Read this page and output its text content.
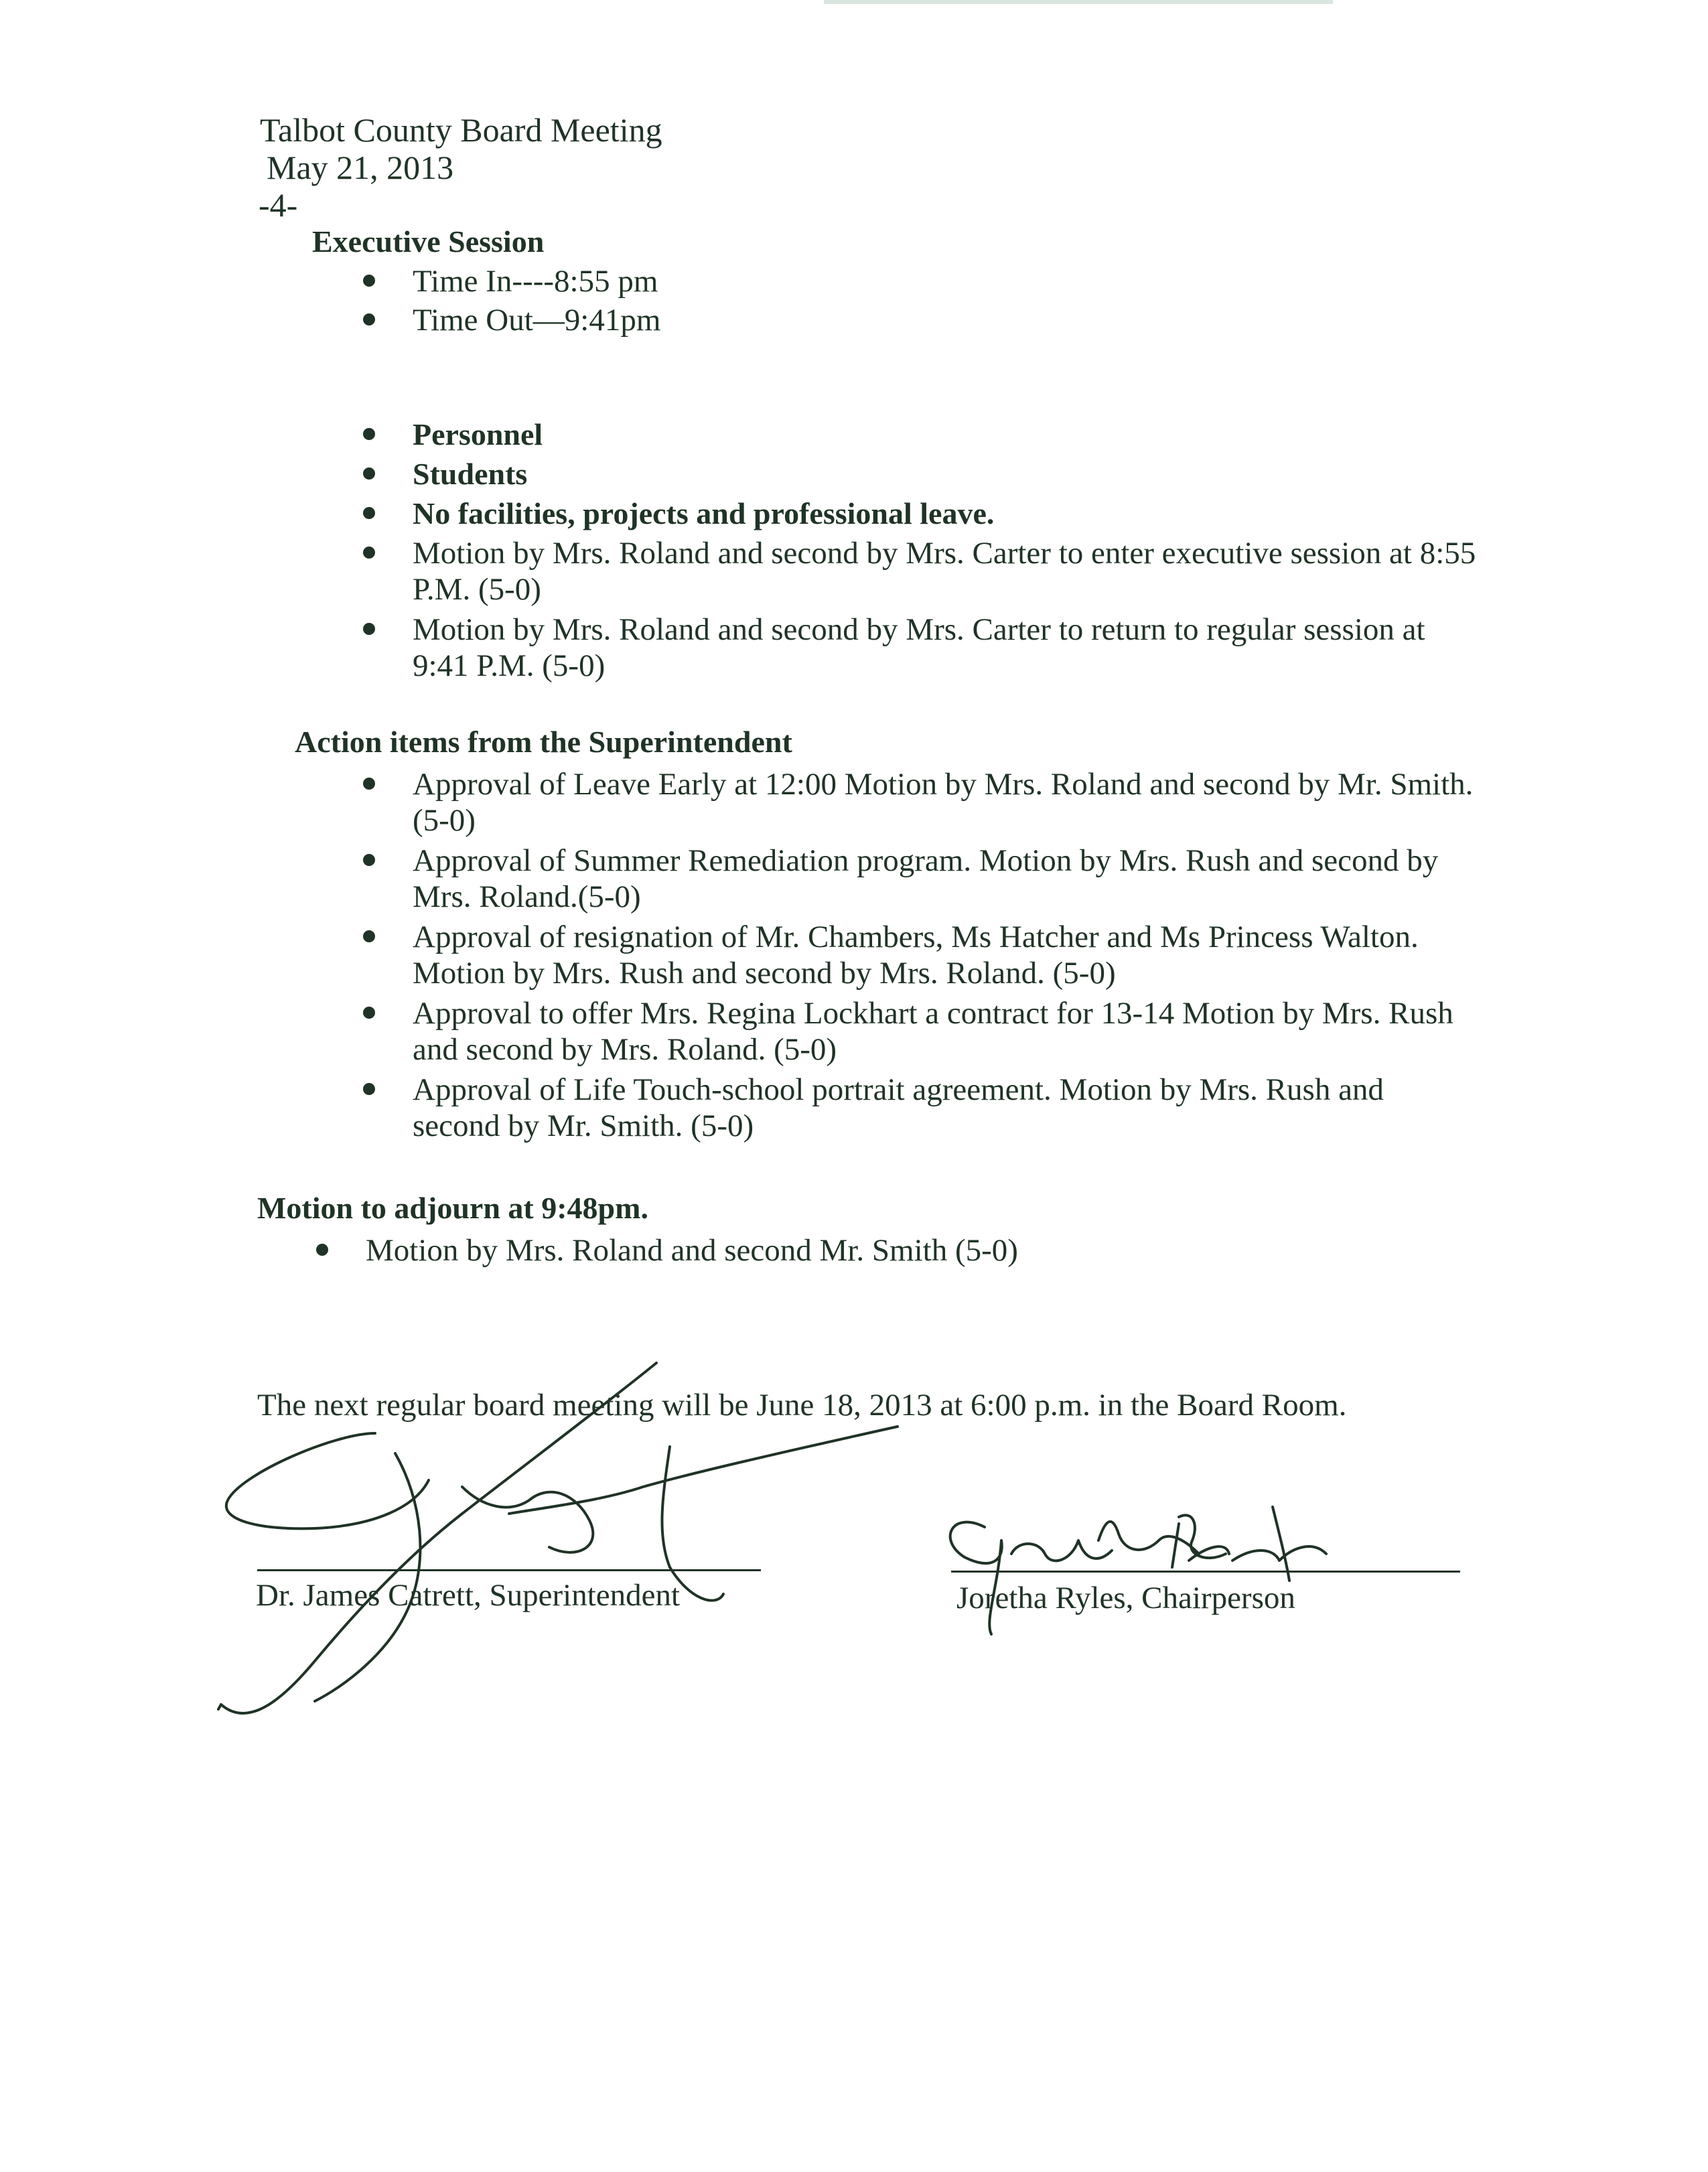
Talbot County Board Meeting
May 21, 2013
-4-
Executive Session
Time In----8:55 pm
Time Out—9:41pm
Personnel
Students
No facilities, projects and professional leave.
Motion by Mrs. Roland and second by Mrs. Carter to enter executive session at 8:55 P.M. (5-0)
Motion by Mrs. Roland and second by Mrs. Carter to return to regular session at 9:41 P.M. (5-0)
Action items from the Superintendent
Approval of Leave Early at 12:00 Motion by Mrs. Roland and second by Mr. Smith. (5-0)
Approval of Summer Remediation program. Motion by Mrs. Rush and second by Mrs. Roland.(5-0)
Approval of resignation of Mr. Chambers, Ms Hatcher and Ms Princess Walton. Motion by Mrs. Rush and second by Mrs. Roland. (5-0)
Approval to offer Mrs. Regina Lockhart a contract for 13-14 Motion by Mrs. Rush and second by Mrs. Roland. (5-0)
Approval of Life Touch-school portrait agreement. Motion by Mrs. Rush and second by Mr. Smith. (5-0)
Motion to adjourn at 9:48pm.
Motion by Mrs. Roland and second Mr. Smith (5-0)
The next regular board meeting will be June 18, 2013 at 6:00 p.m. in the Board Room.
Dr. James Catrett, Superintendent	Joretha Ryles, Chairperson
